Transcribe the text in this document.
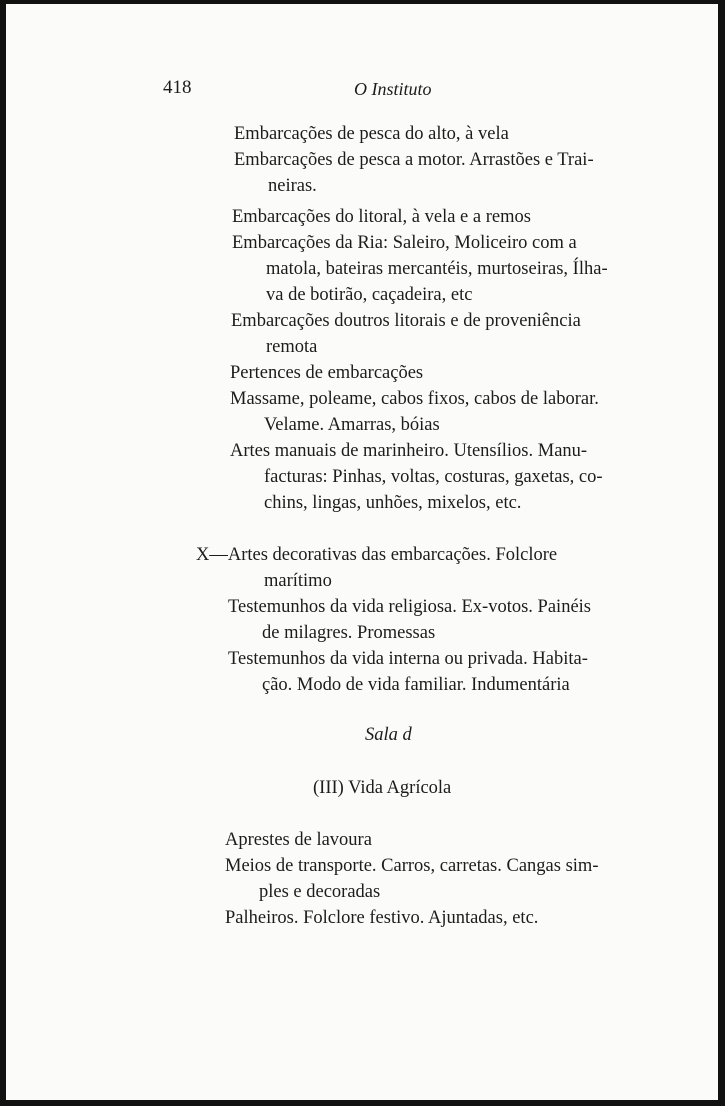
418	O Instituto
Embarcações de pesca do alto, à vela
Embarcações de pesca a motor. Arrastões e Trai-
neiras.
Embarcações do litoral, à vela e a remos
Embarcações da Ria: Saleiro, Moliceiro com a
matola, bateiras mercantéis, murtoseiras, Ílha-
va de botirão, caçadeira, etc
Embarcações doutros litorais e de proveniência
remota
Pertences de embarcações
Massame, poleame, cabos fixos, cabos de laborar.
Velame. Amarras, bóias
Artes manuais de marinheiro. Utensílios. Manu-
facturas: Pinhas, voltas, costuras, gaxetas, co-
chins, lingas, unhões, mixelos, etc.
X—Artes decorativas das embarcações. Folclore
marítimo
Testemunhos da vida religiosa. Ex-votos. Painéis
de milagres. Promessas
Testemunhos da vida interna ou privada. Habita-
ção. Modo de vida familiar. Indumentária
Sala d
(III) Vida Agrícola
Aprestes de lavoura
Meios de transporte. Carros, carretas. Cangas sim-
ples e decoradas
Palheiros. Folclore festivo. Ajuntadas, etc.
